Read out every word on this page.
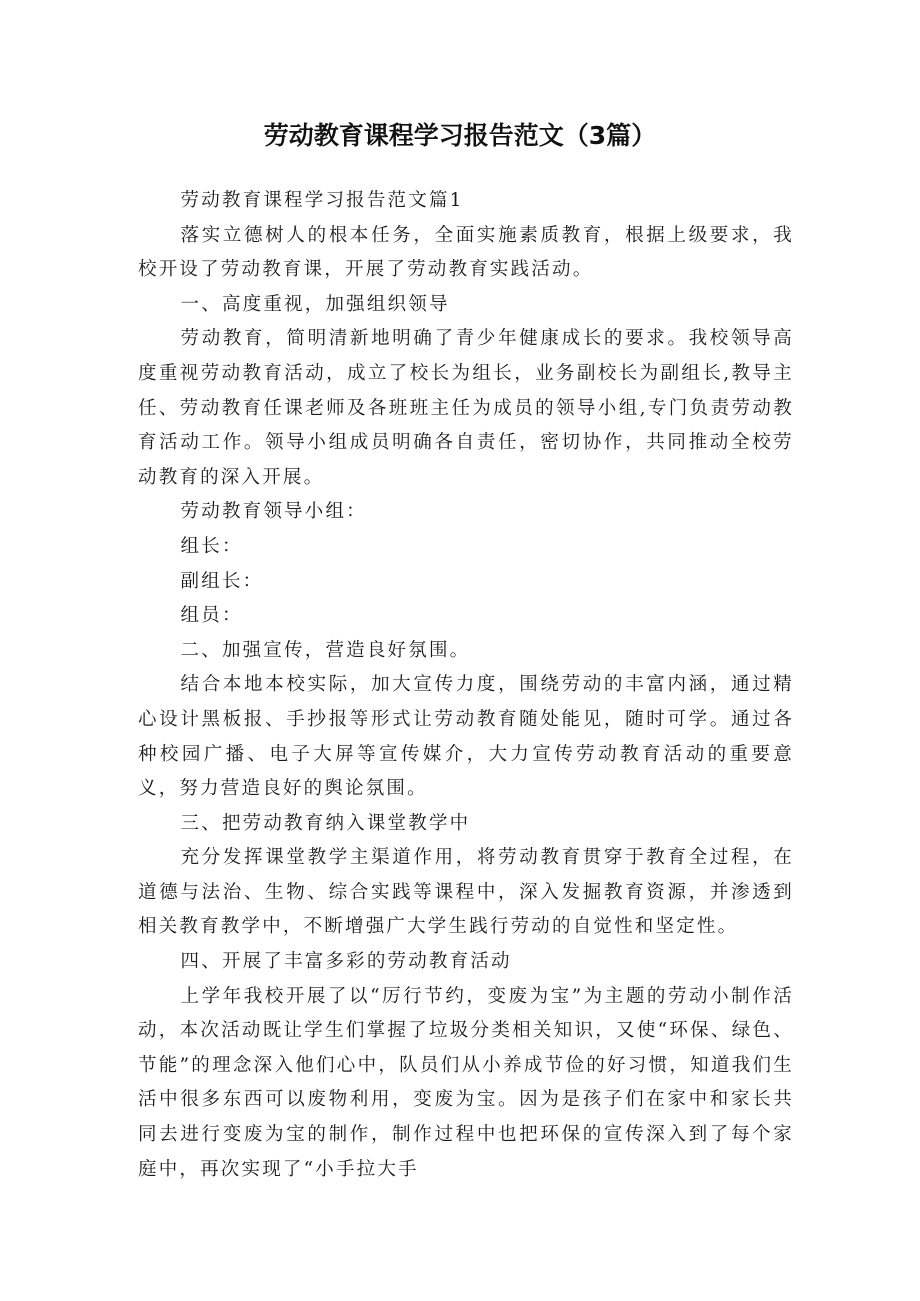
劳动教育课程学习报告范文（3篇）

劳动教育课程学习报告范文篇1

落实立德树人的根本任务，全面实施素质教育，根据上级要求，我校开设了劳动教育课，开展了劳动教育实践活动。

一、高度重视，加强组织领导

劳动教育，简明清新地明确了青少年健康成长的要求。我校领导高度重视劳动教育活动，成立了校长为组长，业务副校长为副组长,教导主任、劳动教育任课老师及各班班主任为成员的领导小组,专门负责劳动教育活动工作。领导小组成员明确各自责任，密切协作，共同推动全校劳动教育的深入开展。

劳动教育领导小组：

组长：

副组长：

组员：

二、加强宣传，营造良好氛围。

结合本地本校实际，加大宣传力度，围绕劳动的丰富内涵，通过精心设计黑板报、手抄报等形式让劳动教育随处能见，随时可学。通过各种校园广播、电子大屏等宣传媒介，大力宣传劳动教育活动的重要意义，努力营造良好的舆论氛围。

三、把劳动教育纳入课堂教学中

充分发挥课堂教学主渠道作用，将劳动教育贯穿于教育全过程，在道德与法治、生物、综合实践等课程中，深入发掘教育资源，并渗透到相关教育教学中，不断增强广大学生践行劳动的自觉性和坚定性。

四、开展了丰富多彩的劳动教育活动

上学年我校开展了以“厉行节约，变废为宝”为主题的劳动小制作活动，本次活动既让学生们掌握了垃圾分类相关知识，又使“环保、绿色、节能”的理念深入他们心中，队员们从小养成节俭的好习惯，知道我们生活中很多东西可以废物利用，变废为宝。因为是孩子们在家中和家长共同去进行变废为宝的制作，制作过程中也把环保的宣传深入到了每个家庭中，再次实现了“小手拉大手
